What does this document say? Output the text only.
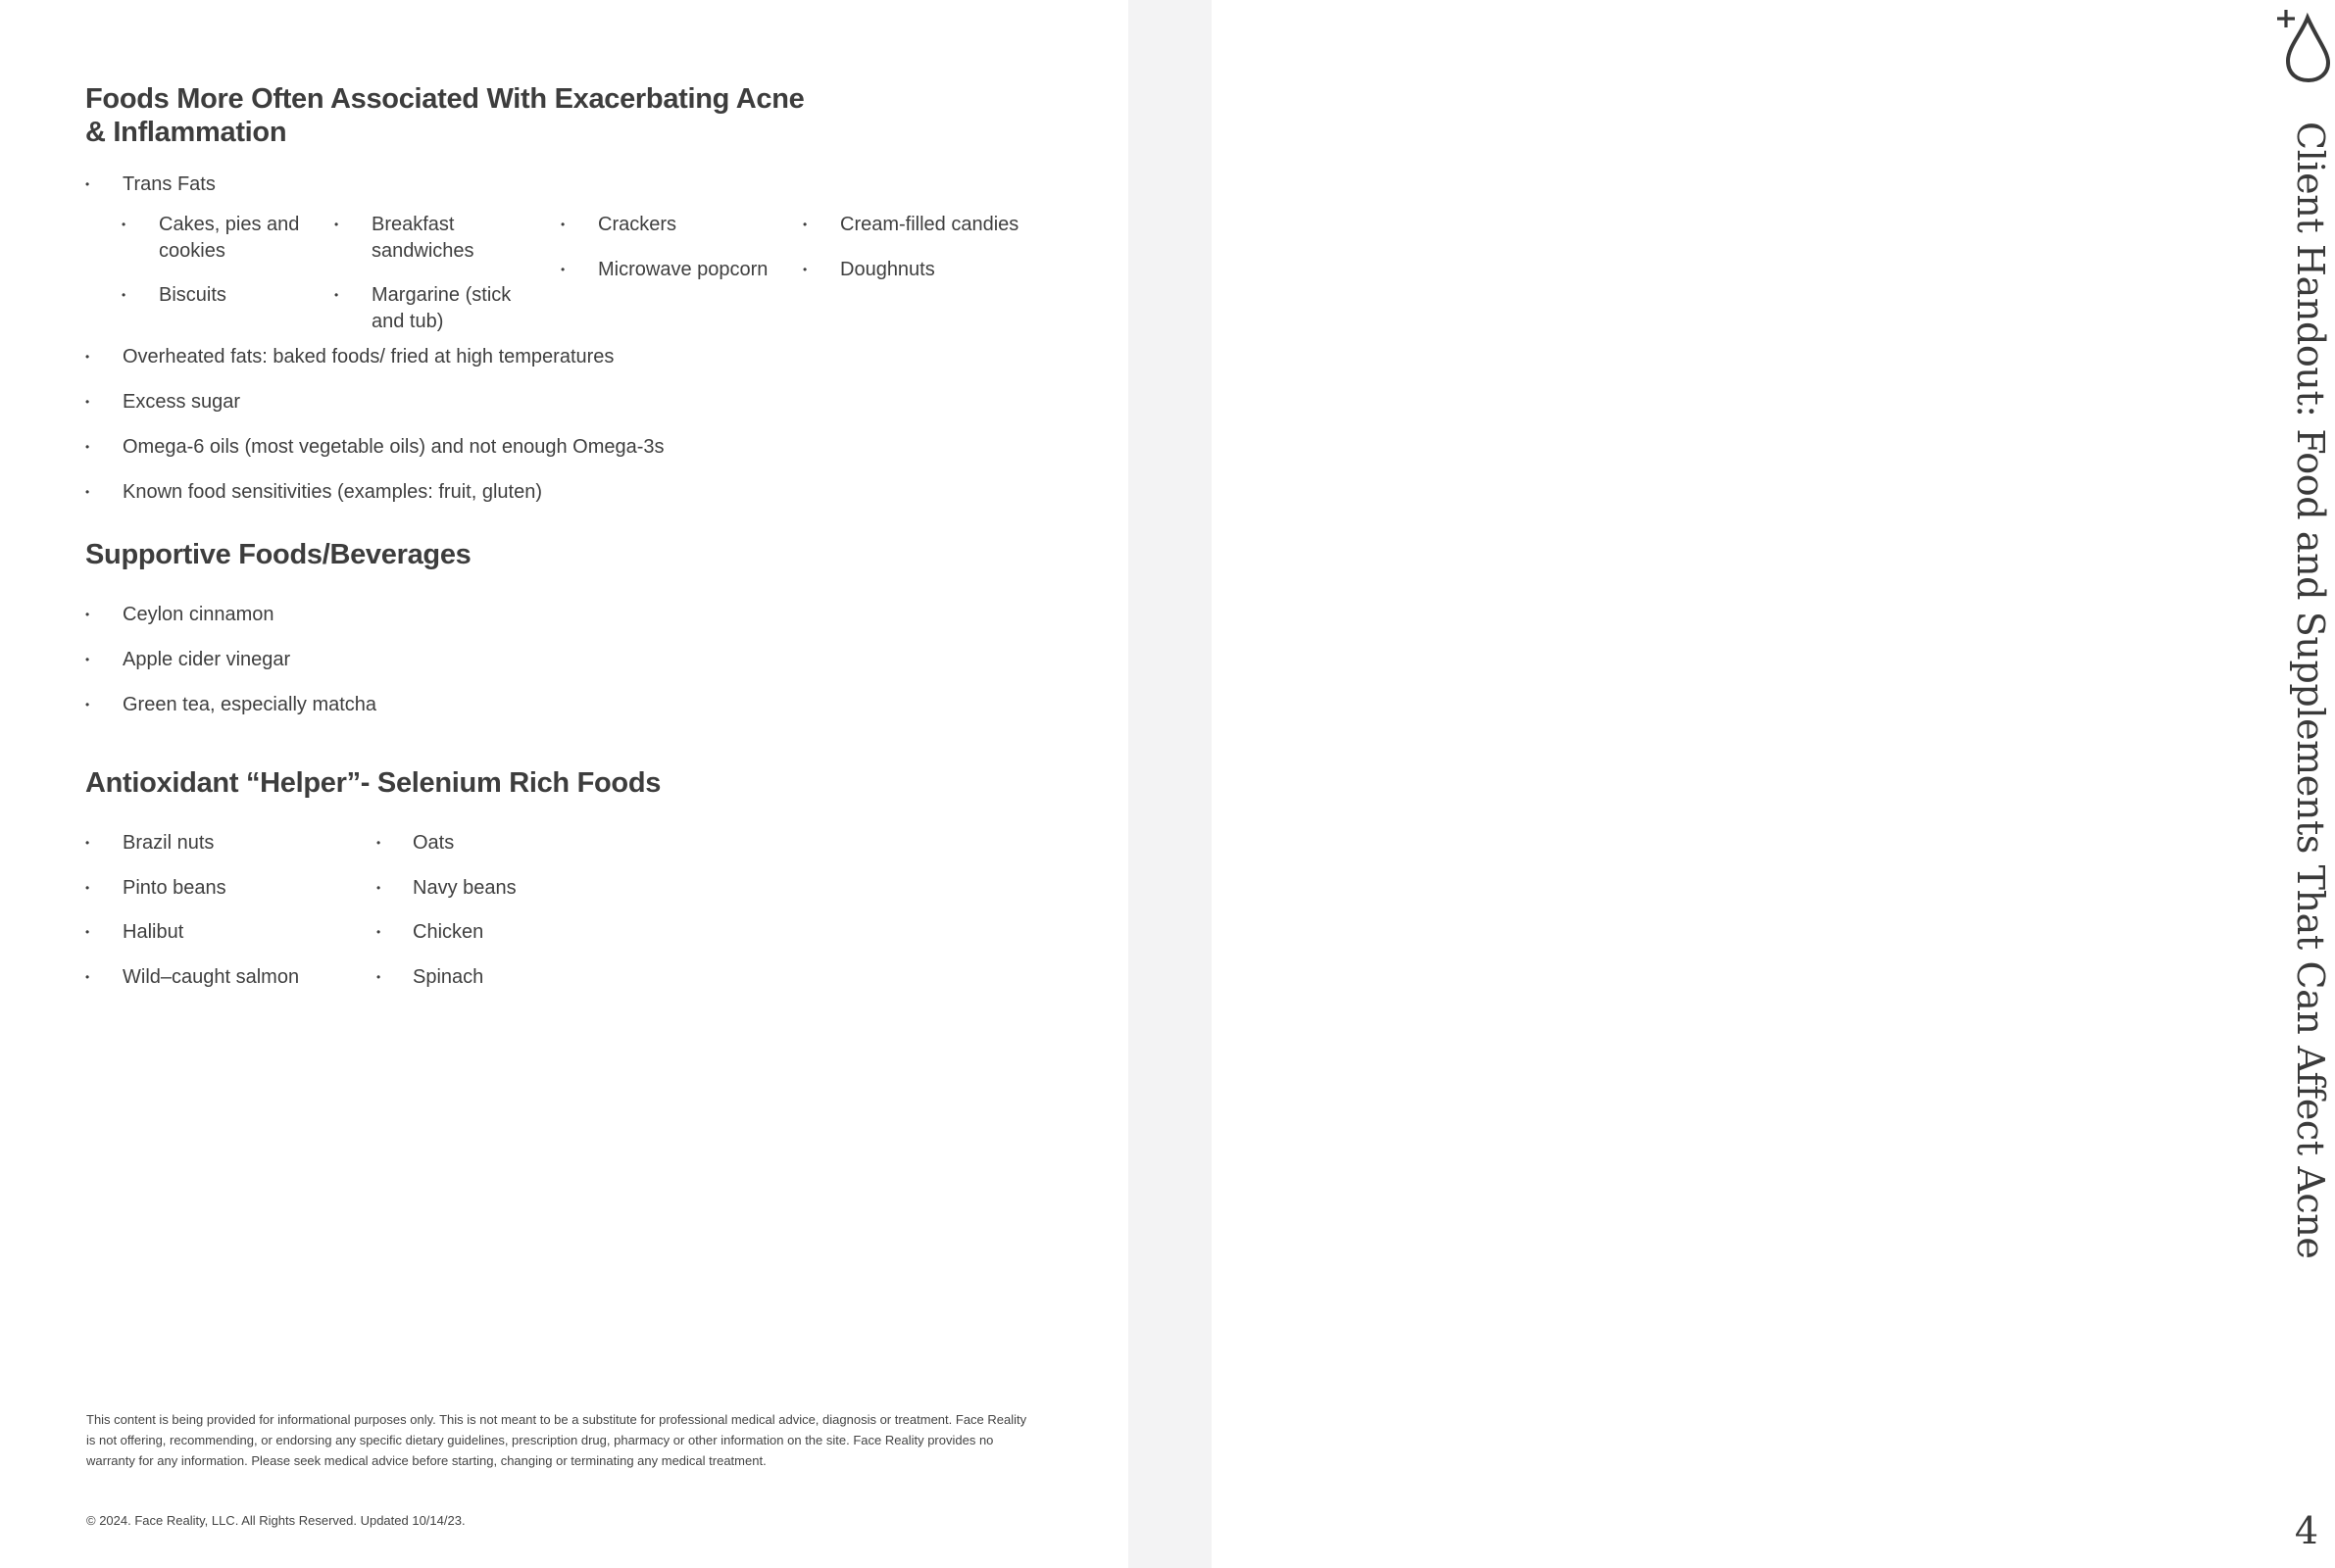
Foods More Often Associated With Exacerbating Acne
& Inflammation
• Trans Fats
• Cakes, pies and
cookies
• Breakfast
sandwiches
• Crackers	• Cream-filled candies
• Microwave popcorn	• Doughnuts
• Biscuits	• Margarine (stick
and tub)
• Overheated fats: baked foods/ fried at high temperatures
• Excess sugar
• Omega-6 oils (most vegetable oils) and not enough Omega-3s
• Known food sensitivities (examples: fruit, gluten)
Supportive Foods/Beverages
• Ceylon cinnamon
• Apple cider vinegar
• Green tea, especially matcha
Antioxidant “Helper”- Selenium Rich Foods
• Brazil nuts	• Oats
• Pinto beans	• Navy beans
• Halibut	• Chicken
• Wild–caught salmon	• Spinach

This content is being provided for informational purposes only. This is not meant to be a substitute for professional medical advice, diagnosis or treatment. Face Reality is not offering, recommending, or endorsing any specific dietary guidelines, prescription drug, pharmacy or other information on the site. Face Reality provides no warranty for any information. Please seek medical advice before starting, changing or terminating any medical treatment.

© 2024. Face Reality, LLC. All Rights Reserved. Updated 10/14/23.

Client Handout: Food and Supplements That Can Affect Acne
4
